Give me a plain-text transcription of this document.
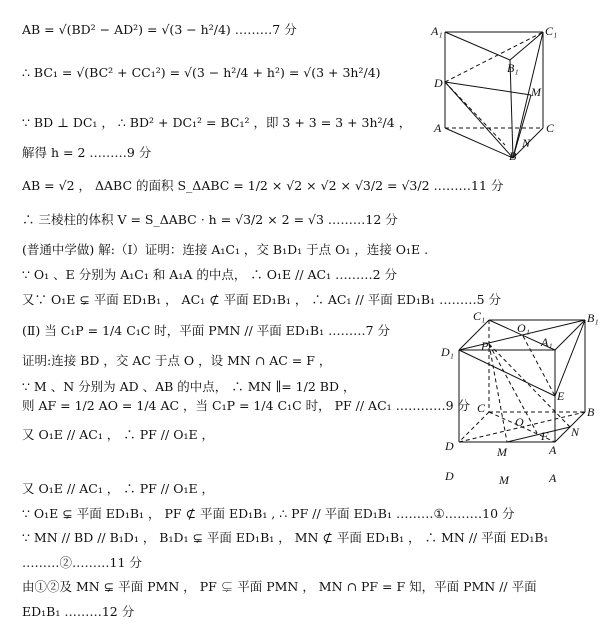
AB = √(BD² − AD²) = √(3 − h²/4) ………7 分
∴ BC₁ = √(BC² + CC₁²) = √(3 − h²/4 + h²) = √(3 + 3h²/4)
∵ BD ⊥ DC₁ ， ∴ BD² + DC₁² = BC₁² ，即 3 + 3 = 3 + 3h²/4 ，
解得 h = 2 ………9 分
AB = √2 ， ΔABC 的面积 S_ΔABC = 1/2 × √2 × √2 × √3/2 = √3/2 ………11 分
∴ 三棱柱的体积 V = S_ΔABC · h = √3/2 × 2 = √3 ………12 分
(普通中学做) 解:（Ⅰ）证明：连接 A₁C₁ ，交 B₁D₁ 于点 O₁ ，连接 O₁E .
∵ O₁ 、E 分别为 A₁C₁ 和 A₁A 的中点， ∴ O₁E // AC₁ ………2 分
又∵ O₁E ⊊ 平面 ED₁B₁ ， AC₁ ⊄ 平面 ED₁B₁ ， ∴ AC₁ // 平面 ED₁B₁ ………5 分
(Ⅱ) 当 C₁P = 1/4 C₁C 时，平面 PMN // 平面 ED₁B₁ ………7 分
证明:连接 BD ，交 AC 于点 O ，设 MN ∩ AC = F ，
∵ M 、N 分别为 AD 、AB 的中点， ∴ MN ∥= 1/2 BD ，
则 AF = 1/2 AO = 1/4 AC ，当 C₁P = 1/4 C₁C 时， PF // AC₁ …………9 分
又 O₁E // AC₁ ， ∴ PF // O₁E ，
又 O₁E // AC₁ ， ∴ PF // O₁E ，
∵ O₁E ⊊ 平面 ED₁B₁ ， PF ⊄ 平面 ED₁B₁ , ∴ PF // 平面 ED₁B₁ ………①………10 分
∵ MN // BD // B₁D₁ ， B₁D₁ ⊊ 平面 ED₁B₁ ， MN ⊄ 平面 ED₁B₁ ， ∴ MN // 平面 ED₁B₁
………②………11 分
由①②及 MN ⊊ 平面 PMN ， PF ⊊ 平面 PMN ， MN ∩ PF = F 知，平面 PMN // 平面
ED₁B₁ ………12 分
A₁	C₁
B₁
D
M
A	C
N
B
C₁
O₁
B₁
D₁ P	A₁
E
C
O
B
F N
D	M	A
D	M	A
